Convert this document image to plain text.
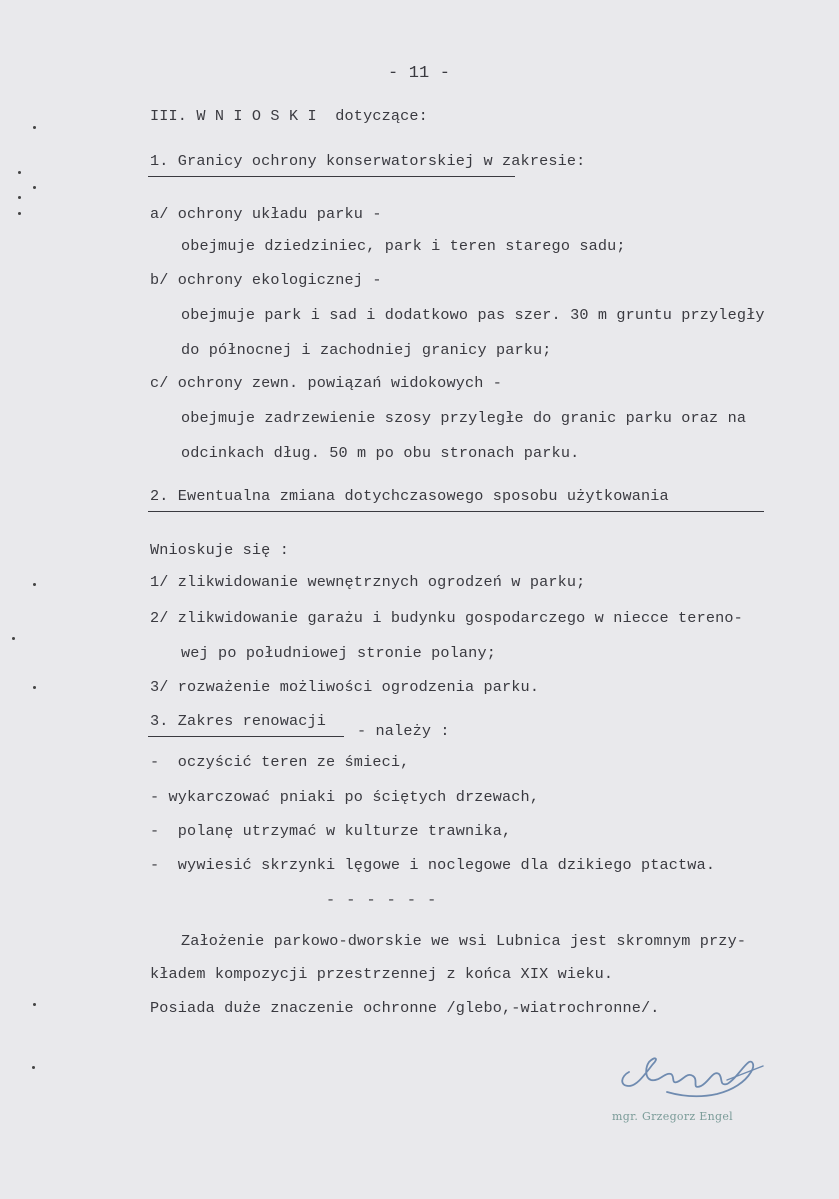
- 11 -
III. W N I O S K I  dotyczące:
1. Granicy ochrony konserwatorskiej w zakresie:
a/ ochrony układu parku -
obejmuje dziedziniec, park i teren starego sadu;
b/ ochrony ekologicznej -
obejmuje park i sad i dodatkowo pas szer. 30 m gruntu przyległy
do północnej i zachodniej granicy parku;
c/ ochrony zewn. powiązań widokowych -
obejmuje zadrzewienie szosy przyległe do granic parku oraz na
odcinkach dług. 50 m po obu stronach parku.
2. Ewentualna zmiana dotychczasowego sposobu użytkowania
Wnioskuje się :
1/ zlikwidowanie wewnętrznych ogrodzeń w parku;
2/ zlikwidowanie garażu i budynku gospodarczego w niecce tereno-
wej po południowej stronie polany;
3/ rozważenie możliwości ogrodzenia parku.
3. Zakres renowacji
- należy :
-  oczyścić teren ze śmieci,
- wykarczować pniaki po ściętych drzewach,
-  polanę utrzymać w kulturze trawnika,
-  wywiesić skrzynki lęgowe i noclegowe dla dzikiego ptactwa.
- - - - - -
Założenie parkowo-dworskie we wsi Lubnica jest skromnym przy-
kładem kompozycji przestrzennej z końca XIX wieku.
Posiada duże znaczenie ochronne /glebo,-wiatrochronne/.
mgr. Grzegorz Engel
